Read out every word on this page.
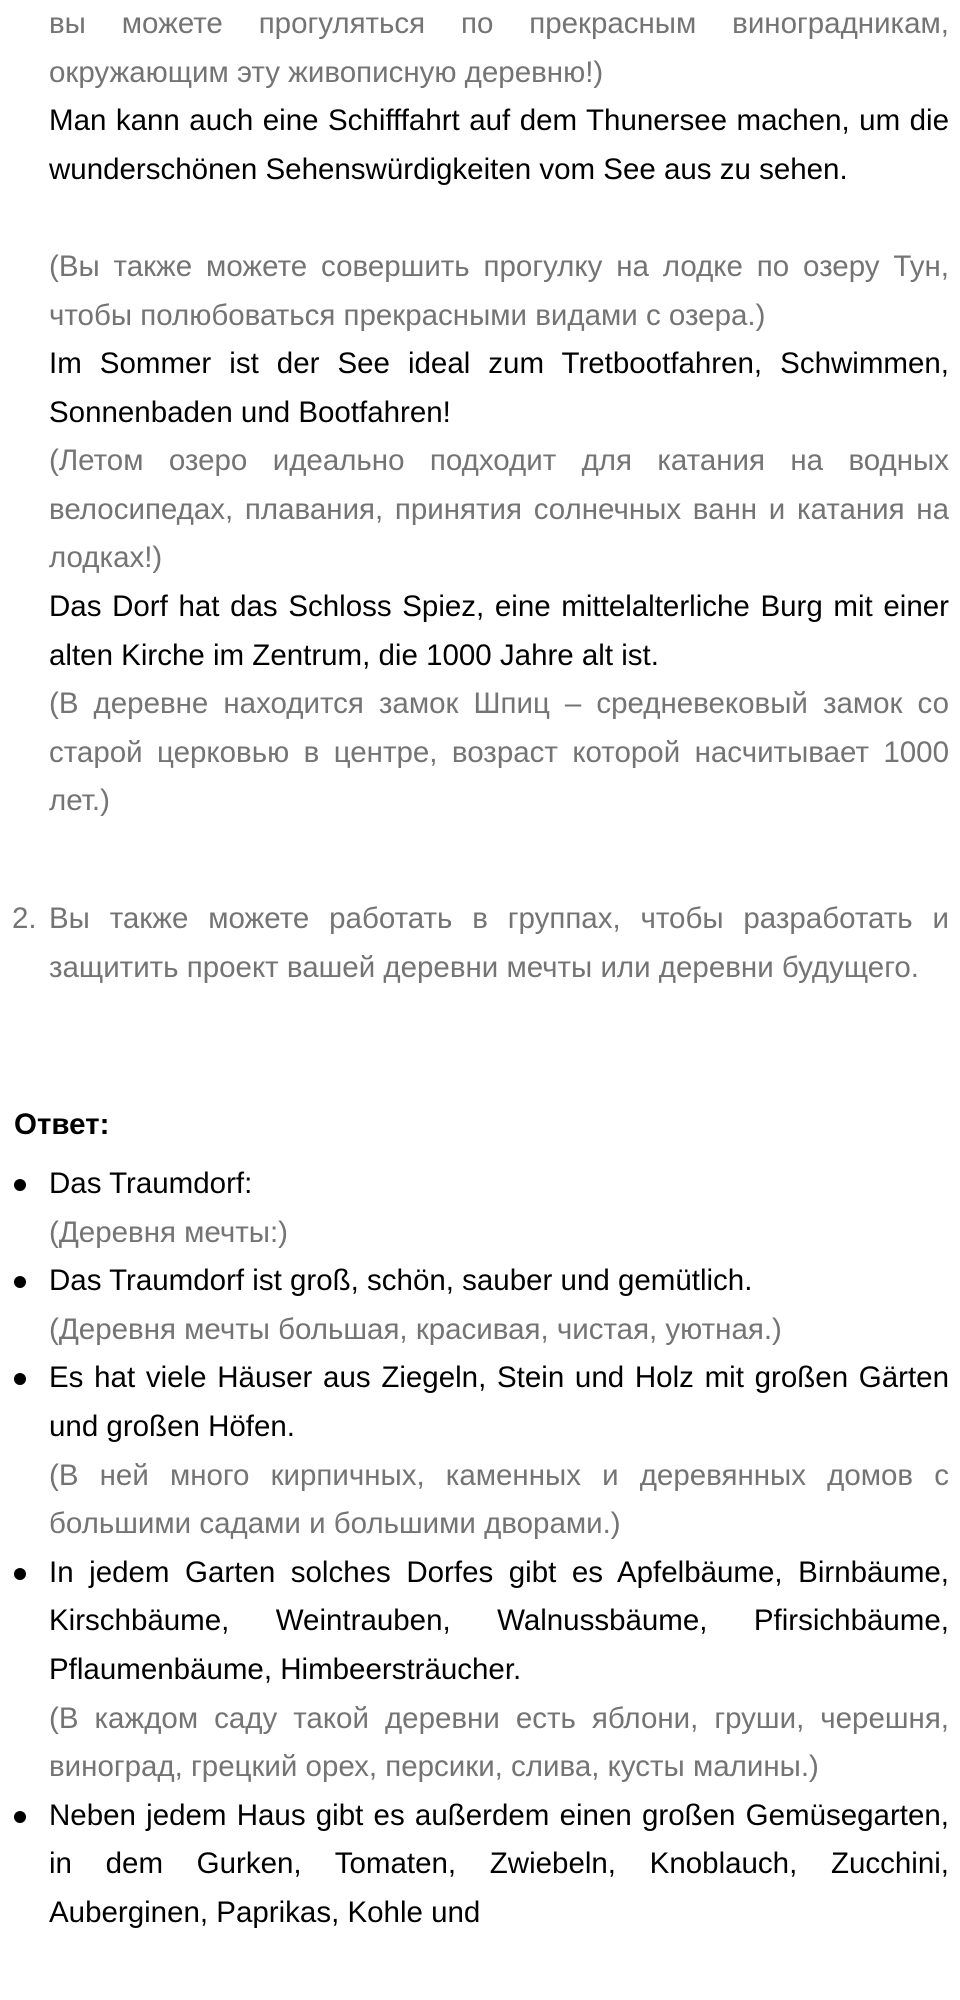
вы можете прогуляться по прекрасным виноградникам, окружающим эту живописную деревню!)
Man kann auch eine Schifffahrt auf dem Thunersee machen, um die wunderschönen Sehenswürdigkeiten vom See aus zu sehen.
(Вы также можете совершить прогулку на лодке по озеру Тун, чтобы полюбоваться прекрасными видами с озера.)
Im Sommer ist der See ideal zum Tretbootfahren, Schwimmen, Sonnenbaden und Bootfahren!
(Летом озеро идеально подходит для катания на водных велосипедах, плавания, принятия солнечных ванн и катания на лодках!)
Das Dorf hat das Schloss Spiez, eine mittelalterliche Burg mit einer alten Kirche im Zentrum, die 1000 Jahre alt ist.
(В деревне находится замок Шпиц – средневековый замок со старой церковью в центре, возраст которой насчитывает 1000 лет.)
2. Вы также можете работать в группах, чтобы разработать и защитить проект вашей деревни мечты или деревни будущего.
Ответ:
Das Traumdorf:
(Деревня мечты:)
Das Traumdorf ist groß, schön, sauber und gemütlich.
(Деревня мечты большая, красивая, чистая, уютная.)
Es hat viele Häuser aus Ziegeln, Stein und Holz mit großen Gärten und großen Höfen.
(В ней много кирпичных, каменных и деревянных домов с большими садами и большими дворами.)
In jedem Garten solches Dorfes gibt es Apfelbäume, Birnbäume, Kirschbäume, Weintrauben, Walnussbäume, Pfirsichbäume, Pflaumenbäume, Himbeersträucher.
(В каждом саду такой деревни есть яблони, груши, черешня, виноград, грецкий орех, персики, слива, кусты малины.)
Neben jedem Haus gibt es außerdem einen großen Gemüsegarten, in dem Gurken, Tomaten, Zwiebeln, Knoblauch, Zucchini, Auberginen, Paprikas, Kohle und
